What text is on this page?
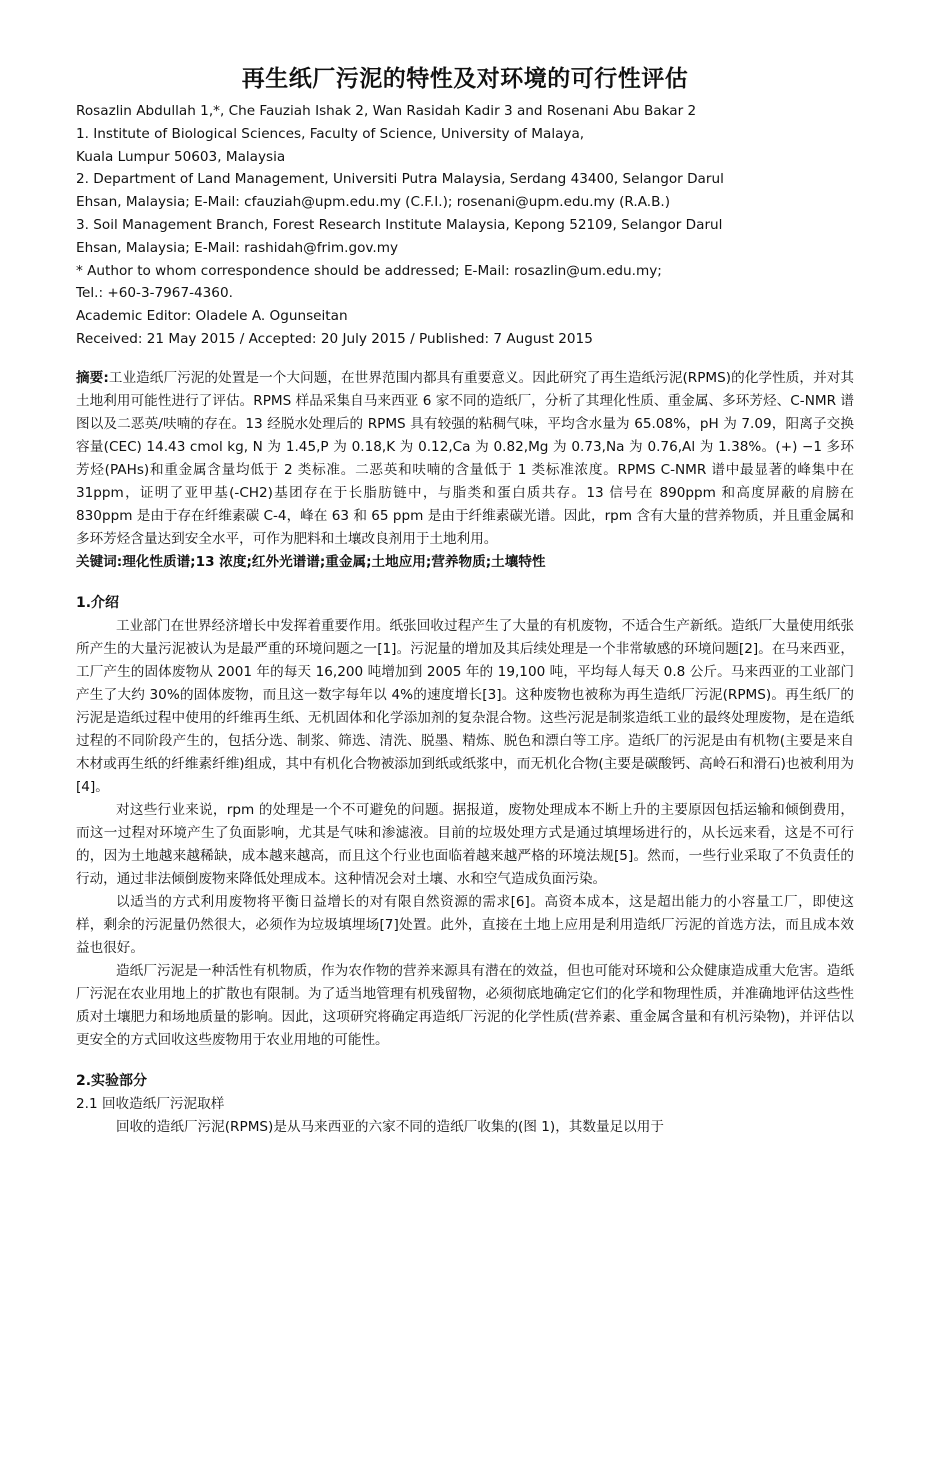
再生纸厂污泥的特性及对环境的可行性评估
Rosazlin Abdullah 1,*, Che Fauziah Ishak 2, Wan Rasidah Kadir 3 and Rosenani Abu Bakar 2
1. Institute of Biological Sciences, Faculty of Science, University of Malaya,
Kuala Lumpur 50603, Malaysia
2. Department of Land Management, Universiti Putra Malaysia, Serdang 43400, Selangor Darul
Ehsan, Malaysia; E-Mail: cfauziah@upm.edu.my (C.F.I.); rosenani@upm.edu.my (R.A.B.)
3. Soil Management Branch, Forest Research Institute Malaysia, Kepong 52109, Selangor Darul
Ehsan, Malaysia; E-Mail: rashidah@frim.gov.my
* Author to whom correspondence should be addressed; E-Mail: rosazlin@um.edu.my;
Tel.: +60-3-7967-4360.
Academic Editor: Oladele A. Ogunseitan
Received: 21 May 2015 / Accepted: 20 July 2015 / Published: 7 August 2015
摘要:工业造纸厂污泥的处置是一个大问题，在世界范围内都具有重要意义。因此研究了再生造纸污泥(RPMS)的化学性质，并对其土地利用可能性进行了评估。RPMS 样品采集自马来西亚 6 家不同的造纸厂，分析了其理化性质、重金属、多环芳烃、C-NMR 谱图以及二恶英/呋喃的存在。13 经脱水处理后的 RPMS 具有较强的粘稠气味，平均含水量为 65.08%，pH 为 7.09，阳离子交换容量(CEC) 14.43 cmol kg, N 为 1.45,P 为 0.18,K 为 0.12,Ca 为 0.82,Mg 为 0.73,Na 为 0.76,Al 为 1.38%。(+) −1 多环芳烃(PAHs)和重金属含量均低于 2 类标准。二恶英和呋喃的含量低于 1 类标准浓度。RPMS C-NMR 谱中最显著的峰集中在 31ppm，证明了亚甲基(-CH2)基团存在于长脂肪链中，与脂类和蛋白质共存。13 信号在 890ppm 和高度屏蔽的肩膀在 830ppm 是由于存在纤维素碳 C-4，峰在 63 和 65 ppm 是由于纤维素碳光谱。因此，rpm 含有大量的营养物质，并且重金属和多环芳烃含量达到安全水平，可作为肥料和土壤改良剂用于土地利用。
关键词:理化性质谱;13 浓度;红外光谱谱;重金属;土地应用;营养物质;土壤特性
1.介绍

工业部门在世界经济增长中发挥着重要作用。纸张回收过程产生了大量的有机废物，不适合生产新纸。造纸厂大量使用纸张所产生的大量污泥被认为是最严重的环境问题之一[1]。污泥量的增加及其后续处理是一个非常敏感的环境问题[2]。在马来西亚，工厂产生的固体废物从 2001 年的每天 16,200 吨增加到 2005 年的 19,100 吨，平均每人每天 0.8 公斤。马来西亚的工业部门产生了大约 30%的固体废物，而且这一数字每年以 4%的速度增长[3]。这种废物也被称为再生造纸厂污泥(RPMS)。再生纸厂的污泥是造纸过程中使用的纤维再生纸、无机固体和化学添加剂的复杂混合物。这些污泥是制浆造纸工业的最终处理废物，是在造纸过程的不同阶段产生的，包括分选、制浆、筛选、清洗、脱墨、精炼、脱色和漂白等工序。造纸厂的污泥是由有机物(主要是来自木材或再生纸的纤维素纤维)组成，其中有机化合物被添加到纸或纸浆中，而无机化合物(主要是碳酸钙、高岭石和滑石)也被利用为[4]。

对这些行业来说，rpm 的处理是一个不可避免的问题。据报道，废物处理成本不断上升的主要原因包括运输和倾倒费用，而这一过程对环境产生了负面影响，尤其是气味和渗滤液。目前的垃圾处理方式是通过填埋场进行的，从长远来看，这是不可行的，因为土地越来越稀缺，成本越来越高，而且这个行业也面临着越来越严格的环境法规[5]。然而，一些行业采取了不负责任的行动，通过非法倾倒废物来降低处理成本。这种情况会对土壤、水和空气造成负面污染。

以适当的方式利用废物将平衡日益增长的对有限自然资源的需求[6]。高资本成本，这是超出能力的小容量工厂，即使这样，剩余的污泥量仍然很大，必须作为垃圾填埋场[7]处置。此外，直接在土地上应用是利用造纸厂污泥的首选方法，而且成本效益也很好。

造纸厂污泥是一种活性有机物质，作为农作物的营养来源具有潜在的效益，但也可能对环境和公众健康造成重大危害。造纸厂污泥在农业用地上的扩散也有限制。为了适当地管理有机残留物，必须彻底地确定它们的化学和物理性质，并准确地评估这些性质对土壤肥力和场地质量的影响。因此，这项研究将确定再造纸厂污泥的化学性质(营养素、重金属含量和有机污染物)，并评估以更安全的方式回收这些废物用于农业用地的可能性。

2.实验部分
2.1 回收造纸厂污泥取样

回收的造纸厂污泥(RPMS)是从马来西亚的六家不同的造纸厂收集的(图 1)，其数量足以用于
